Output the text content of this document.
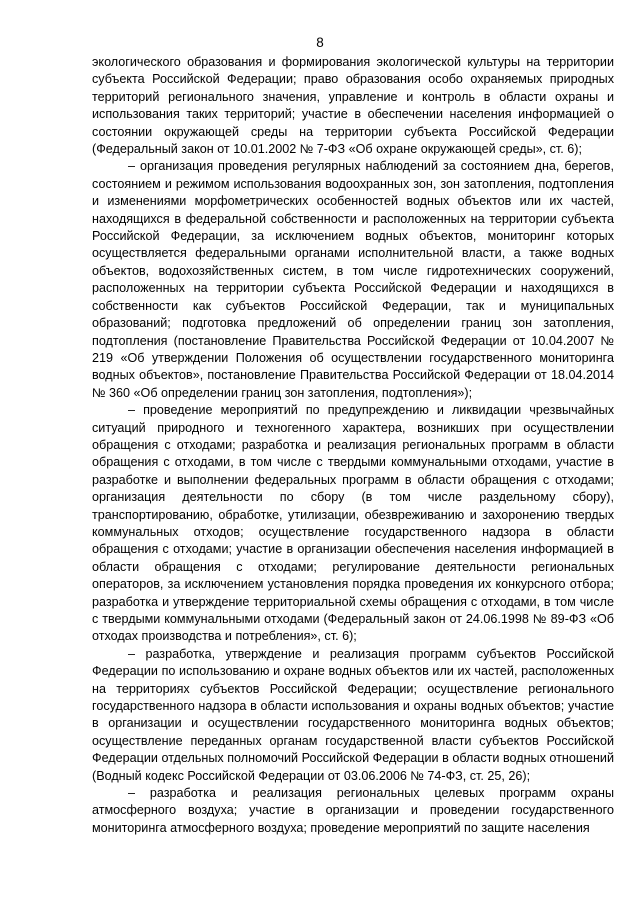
8

экологического образования и формирования экологической культуры на территории субъекта Российской Федерации; право образования особо охраняемых природных территорий регионального значения, управление и контроль в области охраны и использования таких территорий; участие в обеспечении населения информацией о состоянии окружающей среды на территории субъекта Российской Федерации (Федеральный закон от 10.01.2002 № 7-ФЗ «Об охране окружающей среды», ст. 6);

– организация проведения регулярных наблюдений за состоянием дна, берегов, состоянием и режимом использования водоохранных зон, зон затопления, подтопления и изменениями морфометрических особенностей водных объектов или их частей, находящихся в федеральной собственности и расположенных на территории субъекта Российской Федерации, за исключением водных объектов, мониторинг которых осуществляется федеральными органами исполнительной власти, а также водных объектов, водохозяйственных систем, в том числе гидротехнических сооружений, расположенных на территории субъекта Российской Федерации и находящихся в собственности как субъектов Российской Федерации, так и муниципальных образований; подготовка предложений об определении границ зон затопления, подтопления (постановление Правительства Российской Федерации от 10.04.2007 № 219 «Об утверждении Положения об осуществлении государственного мониторинга водных объектов», постановление Правительства Российской Федерации от 18.04.2014 № 360 «Об определении границ зон затопления, подтопления»);

– проведение мероприятий по предупреждению и ликвидации чрезвычайных ситуаций природного и техногенного характера, возникших при осуществлении обращения с отходами; разработка и реализация региональных программ в области обращения с отходами, в том числе с твердыми коммунальными отходами, участие в разработке и выполнении федеральных программ в области обращения с отходами; организация деятельности по сбору (в том числе раздельному сбору), транспортированию, обработке, утилизации, обезвреживанию и захоронению твердых коммунальных отходов; осуществление государственного надзора в области обращения с отходами; участие в организации обеспечения населения информацией в области обращения с отходами; регулирование деятельности региональных операторов, за исключением установления порядка проведения их конкурсного отбора; разработка и утверждение территориальной схемы обращения с отходами, в том числе с твердыми коммунальными отходами (Федеральный закон от 24.06.1998 № 89-ФЗ «Об отходах производства и потребления», ст. 6);

– разработка, утверждение и реализация программ субъектов Российской Федерации по использованию и охране водных объектов или их частей, расположенных на территориях субъектов Российской Федерации; осуществление регионального государственного надзора в области использования и охраны водных объектов; участие в организации и осуществлении государственного мониторинга водных объектов; осуществление переданных органам государственной власти субъектов Российской Федерации отдельных полномочий Российской Федерации в области водных отношений (Водный кодекс Российской Федерации от 03.06.2006 № 74-ФЗ, ст. 25, 26);

– разработка и реализация региональных целевых программ охраны атмосферного воздуха; участие в организации и проведении государственного мониторинга атмосферного воздуха; проведение мероприятий по защите населения
